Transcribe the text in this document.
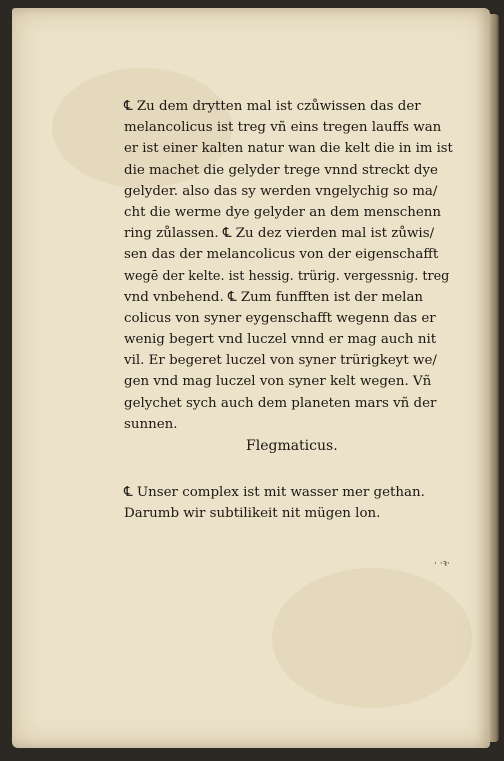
℄ Zu dem drytten mal ist czůwissen das der
melancolicus ist treg vñ eins tregen lauffs wan
er ist einer kalten natur wan die kelt die in im ist
die machet die gelyder trege vnnd streckt dye
gelyder. also das sy werden vngelychig so ma/
cht die werme dye gelyder an dem menschenn
ring zůlassen. ℄ Zu dez vierden mal ist zůwis/
sen das der melancolicus von der eigenschafft
wegē der kelte. ist hessig. trürig. vergessnig. treg
vnd vnbehend. ℄ Zum funfften ist der melan
colicus von syner eygenschafft wegenn das er
wenig begert vnd luczel vnnd er mag auch nit
vil. Er begeret luczel von syner trürigkeyt we/
gen vnd mag luczel von syner kelt wegen. Vñ
gelychet sych auch dem planeten mars vñ der
sunnen.
Flegmaticus.
℄ Unser complex ist mit wasser mer gethan.
Darumb wir subtilikeit nit mügen lon.
· ·ꝛ·
